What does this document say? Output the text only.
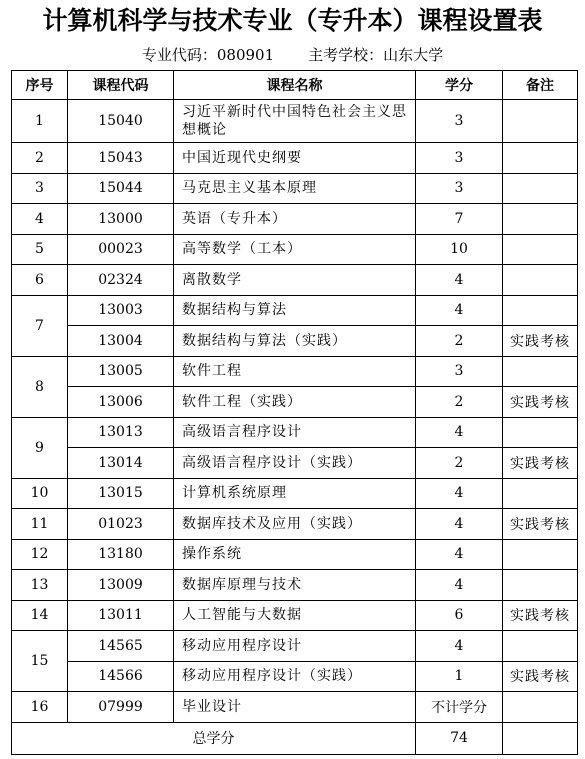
计算机科学与技术专业（专升本）课程设置表
专业代码：080901 主考学校：山东大学
序号	课程代码	课程名称	学分	备注
1	15040	习近平新时代中国特色社会主义思想概论	3	
2	15043	中国近现代史纲要	3	
3	15044	马克思主义基本原理	3	
4	13000	英语（专升本）	7	
5	00023	高等数学（工本）	10	
6	02324	离散数学	4	
7	13003	数据结构与算法	4	
	13004	数据结构与算法（实践）	2	实践考核
8	13005	软件工程	3	
	13006	软件工程（实践）	2	实践考核
9	13013	高级语言程序设计	4	
	13014	高级语言程序设计（实践）	2	实践考核
10	13015	计算机系统原理	4	
11	01023	数据库技术及应用（实践）	4	实践考核
12	13180	操作系统	4	
13	13009	数据库原理与技术	4	
14	13011	人工智能与大数据	6	实践考核
15	14565	移动应用程序设计	4	
	14566	移动应用程序设计（实践）	1	实践考核
16	07999	毕业设计	不计学分	
总学分			74	
